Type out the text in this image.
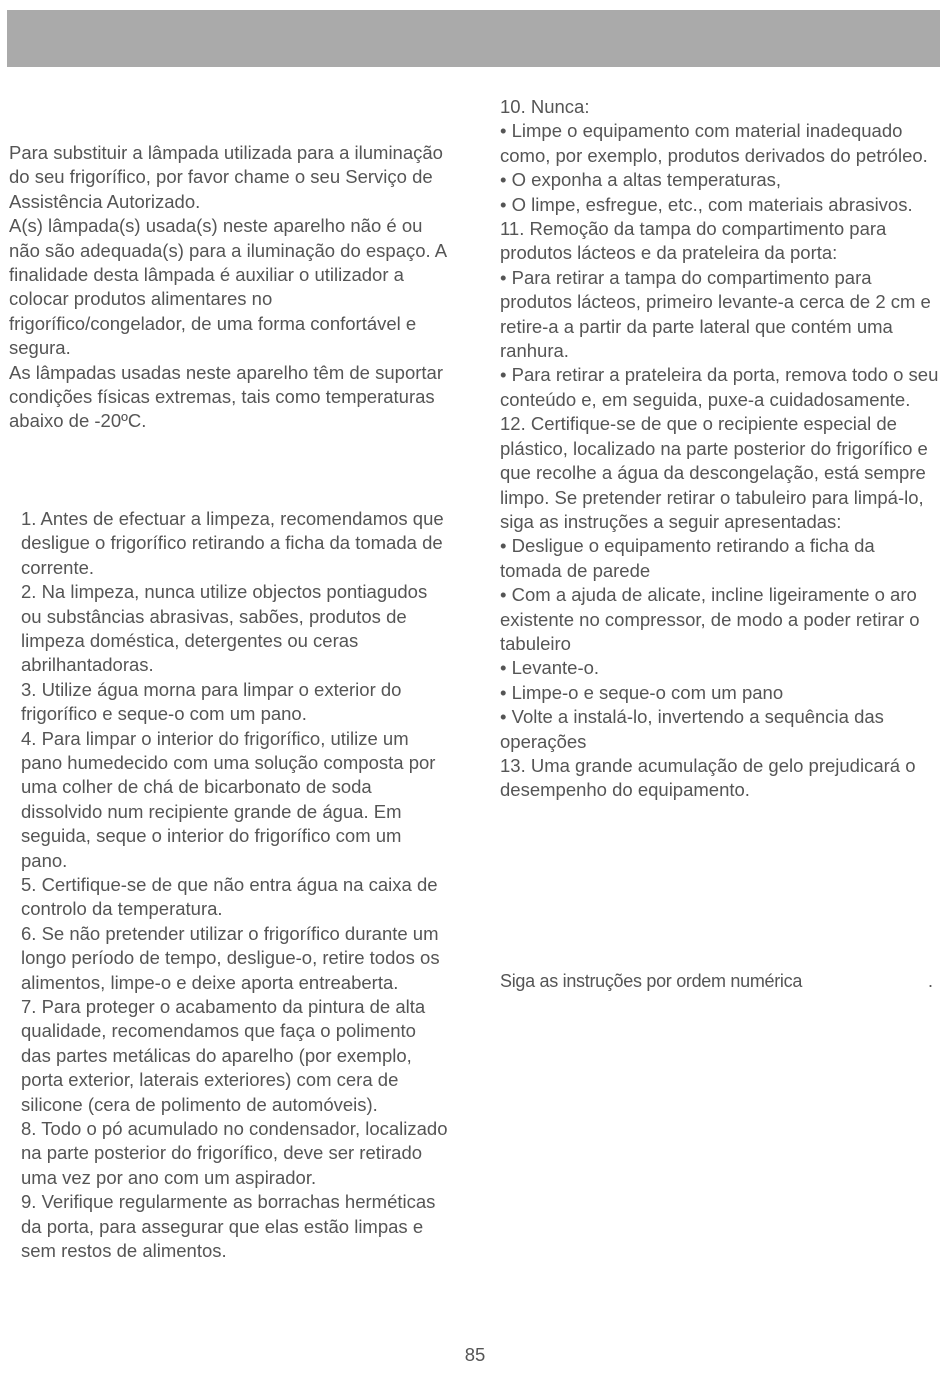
Para substituir a lâmpada utilizada para a iluminação do seu frigorífico, por favor chame o seu Serviço de Assistência Autorizado.

A(s) lâmpada(s) usada(s) neste aparelho não é ou não são adequada(s) para a iluminação do espaço. A finalidade desta lâmpada é auxiliar o utilizador a colocar produtos alimentares no frigorífico/congelador, de uma forma confortável e segura.

As lâmpadas usadas neste aparelho têm de suportar condições físicas extremas, tais como temperaturas abaixo de -20ºC.

1. Antes de efectuar a limpeza, recomendamos que desligue o frigorífico retirando a ficha da tomada de corrente.

2. Na limpeza, nunca utilize objectos pontiagudos ou substâncias abrasivas, sabões, produtos de limpeza doméstica, detergentes ou ceras abrilhantadoras.

3. Utilize água morna para limpar o exterior do frigorífico e seque-o com um pano.

4. Para limpar o interior do frigorífico, utilize um pano humedecido com uma solução composta por uma colher de chá de bicarbonato de soda dissolvido num recipiente grande de água. Em seguida, seque o interior do frigorífico com um pano.

5. Certifique-se de que não entra água na caixa de controlo da temperatura.

6. Se não pretender utilizar o frigorífico durante um longo período de tempo, desligue-o, retire todos os alimentos, limpe-o e deixe aporta entreaberta.

7. Para proteger o acabamento da pintura de alta qualidade, recomendamos que faça o polimento das partes metálicas do aparelho (por exemplo, porta exterior, laterais exteriores) com cera de silicone (cera de polimento de automóveis).

8. Todo o pó acumulado no condensador, localizado na parte posterior do frigorífico, deve ser retirado uma vez por ano com um aspirador.

9. Verifique regularmente as borrachas herméticas da porta, para assegurar que elas estão limpas e sem restos de alimentos.

10. Nunca:

• Limpe o equipamento com material inadequado como, por exemplo, produtos derivados do petróleo.

• O exponha a altas temperaturas,

• O limpe, esfregue, etc., com materiais abrasivos.

11. Remoção da tampa do compartimento para produtos lácteos e da prateleira da porta:

• Para retirar a tampa do compartimento para produtos lácteos, primeiro levante-a cerca de 2 cm e retire-a a partir da parte lateral que contém uma ranhura.

• Para retirar a prateleira da porta, remova todo o seu conteúdo e, em seguida, puxe-a cuidadosamente.

12. Certifique-se de que o recipiente especial de plástico, localizado na parte posterior do frigorífico e que recolhe a água da descongelação, está sempre limpo. Se pretender retirar o tabuleiro para limpá-lo, siga as instruções a seguir apresentadas:

• Desligue o equipamento retirando a ficha da tomada de parede

• Com a ajuda de alicate, incline ligeiramente o aro existente no compressor, de modo a poder retirar o tabuleiro

• Levante-o.

• Limpe-o e seque-o com um pano

• Volte a instalá-lo, invertendo a sequência das operações

13. Uma grande acumulação de gelo prejudicará o desempenho do equipamento.

Siga as instruções por ordem numérica	.
85
